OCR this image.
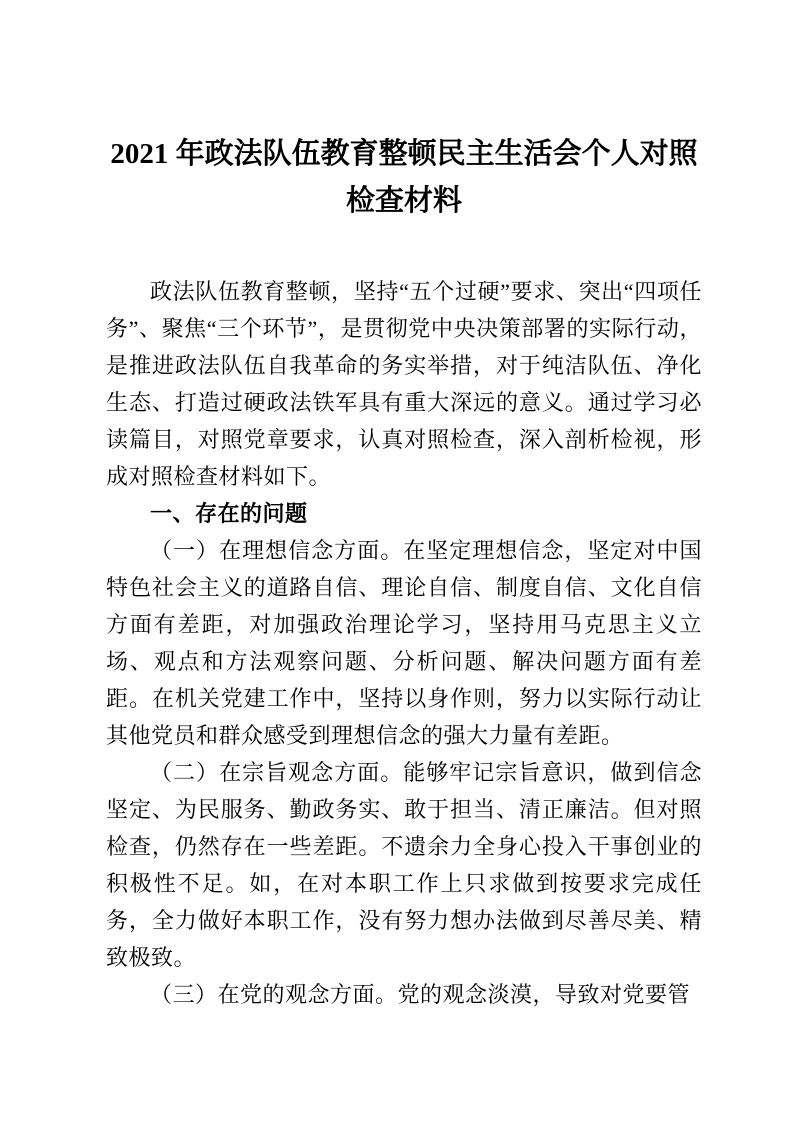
2021 年政法队伍教育整顿民主生活会个人对照检查材料

政法队伍教育整顿，坚持“五个过硬”要求、突出“四项任务”、聚焦“三个环节”，是贯彻党中央决策部署的实际行动，是推进政法队伍自我革命的务实举措，对于纯洁队伍、净化生态、打造过硬政法铁军具有重大深远的意义。通过学习必读篇目，对照党章要求，认真对照检查，深入剖析检视，形成对照检查材料如下。

一、存在的问题

（一）在理想信念方面。在坚定理想信念，坚定对中国特色社会主义的道路自信、理论自信、制度自信、文化自信方面有差距，对加强政治理论学习，坚持用马克思主义立场、观点和方法观察问题、分析问题、解决问题方面有差距。在机关党建工作中，坚持以身作则，努力以实际行动让其他党员和群众感受到理想信念的强大力量有差距。

（二）在宗旨观念方面。能够牢记宗旨意识，做到信念坚定、为民服务、勤政务实、敢于担当、清正廉洁。但对照检查，仍然存在一些差距。不遗余力全身心投入干事创业的积极性不足。如，在对本职工作上只求做到按要求完成任务，全力做好本职工作，没有努力想办法做到尽善尽美、精致极致。

（三）在党的观念方面。党的观念淡漠，导致对党要管
